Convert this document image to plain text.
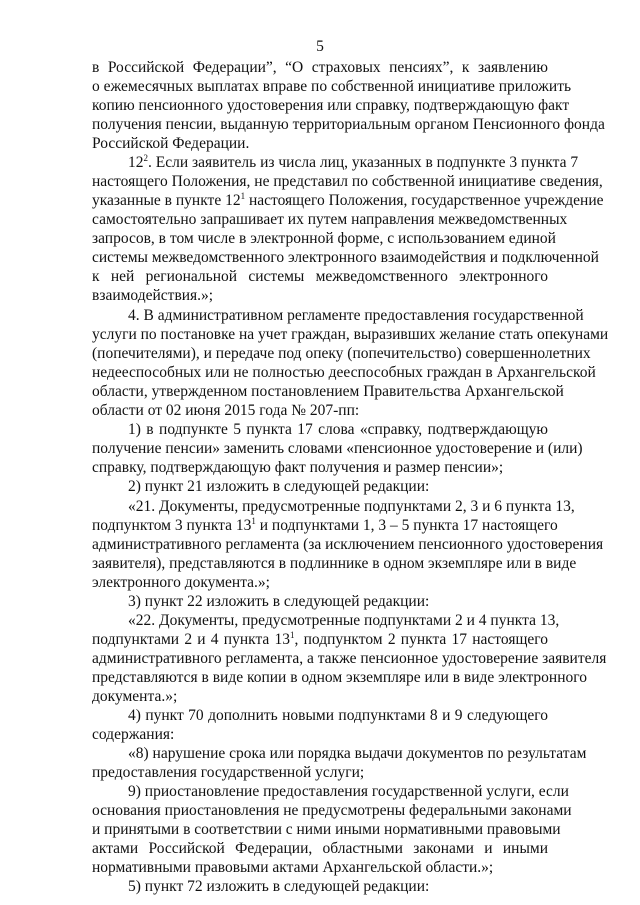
5
в Российской Федерации”, “О страховых пенсиях”, к заявлению
о ежемесячных выплатах вправе по собственной инициативе приложить
копию пенсионного удостоверения или справку, подтверждающую факт
получения пенсии, выданную территориальным органом Пенсионного фонда
Российской Федерации.
$12^2$. Если заявитель из числа лиц, указанных в подпункте 3 пункта 7
настоящего Положения, не представил по собственной инициативе сведения,
указанные в пункте $12^1$ настоящего Положения, государственное учреждение
самостоятельно запрашивает их путем направления межведомственных
запросов, в том числе в электронной форме, с использованием единой
системы межведомственного электронного взаимодействия и подключенной
к ней региональной системы межведомственного электронного
взаимодействия.»;
4. В административном регламенте предоставления государственной
услуги по постановке на учет граждан, выразивших желание стать опекунами
(попечителями), и передаче под опеку (попечительство) совершеннолетних
недееспособных или не полностью дееспособных граждан в Архангельской
области, утвержденном постановлением Правительства Архангельской
области от 02 июня 2015 года № 207-пп:
1) в подпункте 5 пункта 17 слова «справку, подтверждающую
получение пенсии» заменить словами «пенсионное удостоверение и (или)
справку, подтверждающую факт получения и размер пенсии»;
2) пункт 21 изложить в следующей редакции:
«21. Документы, предусмотренные подпунктами 2, 3 и 6 пункта 13,
подпунктом 3 пункта $13^1$ и подпунктами 1, 3 – 5 пункта 17 настоящего
административного регламента (за исключением пенсионного удостоверения
заявителя), представляются в подлиннике в одном экземпляре или в виде
электронного документа.»;
3) пункт 22 изложить в следующей редакции:
«22. Документы, предусмотренные подпунктами 2 и 4 пункта 13,
подпунктами 2 и 4 пункта $13^1$, подпунктом 2 пункта 17 настоящего
административного регламента, а также пенсионное удостоверение заявителя
представляются в виде копии в одном экземпляре или в виде электронного
документа.»;
4) пункт 70 дополнить новыми подпунктами 8 и 9 следующего
содержания:
«8) нарушение срока или порядка выдачи документов по результатам
предоставления государственной услуги;
9) приостановление предоставления государственной услуги, если
основания приостановления не предусмотрены федеральными законами
и принятыми в соответствии с ними иными нормативными правовыми
актами Российской Федерации, областными законами и иными
нормативными правовыми актами Архангельской области.»;
5) пункт 72 изложить в следующей редакции:
